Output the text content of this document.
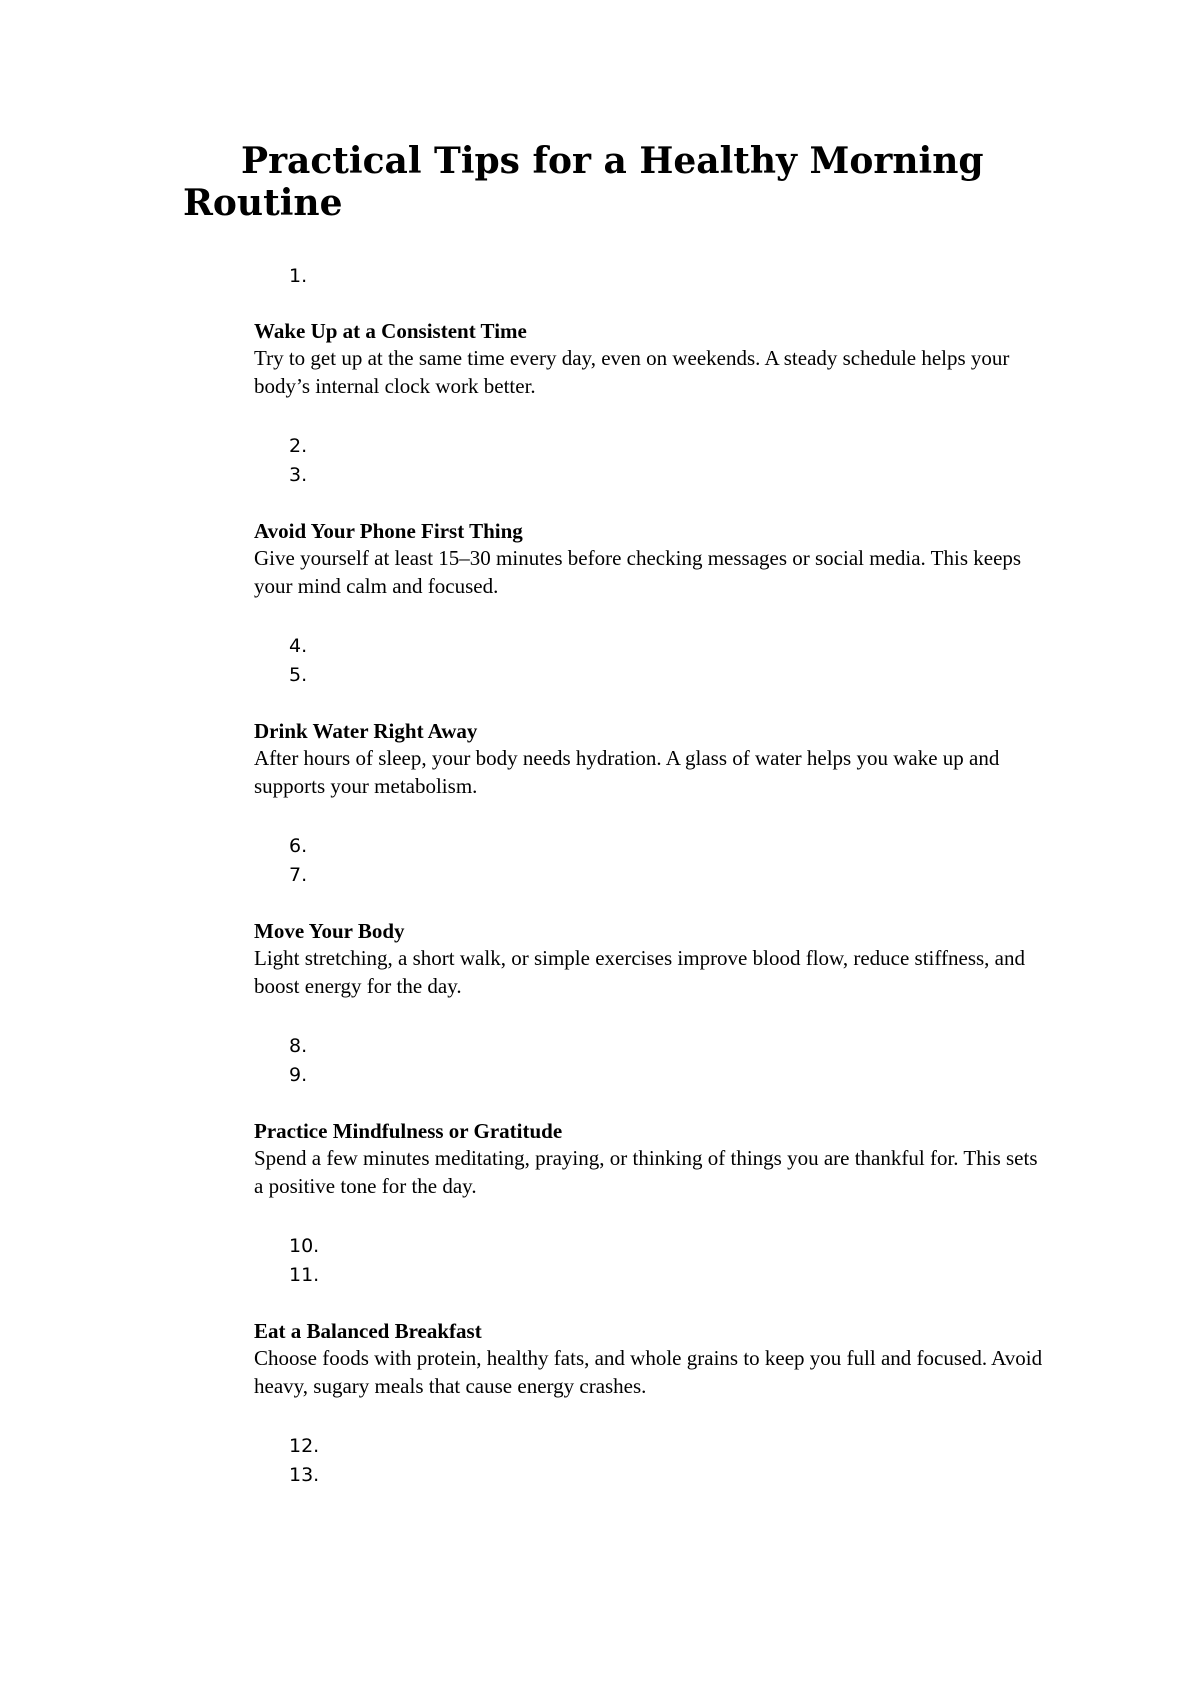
Practical Tips for a Healthy Morning Routine
1.
Wake Up at a Consistent Time

Try to get up at the same time every day, even on weekends. A steady schedule helps your body’s internal clock work better.

2.
3.
Avoid Your Phone First Thing

Give yourself at least 15–30 minutes before checking messages or social media. This keeps your mind calm and focused.

4.
5.
Drink Water Right Away

After hours of sleep, your body needs hydration. A glass of water helps you wake up and supports your metabolism.

6.
7.
Move Your Body

Light stretching, a short walk, or simple exercises improve blood flow, reduce stiffness, and boost energy for the day.

8.
9.
Practice Mindfulness or Gratitude

Spend a few minutes meditating, praying, or thinking of things you are thankful for. This sets a positive tone for the day.

10.
11.
Eat a Balanced Breakfast

Choose foods with protein, healthy fats, and whole grains to keep you full and focused. Avoid heavy, sugary meals that cause energy crashes.

12.
13.
